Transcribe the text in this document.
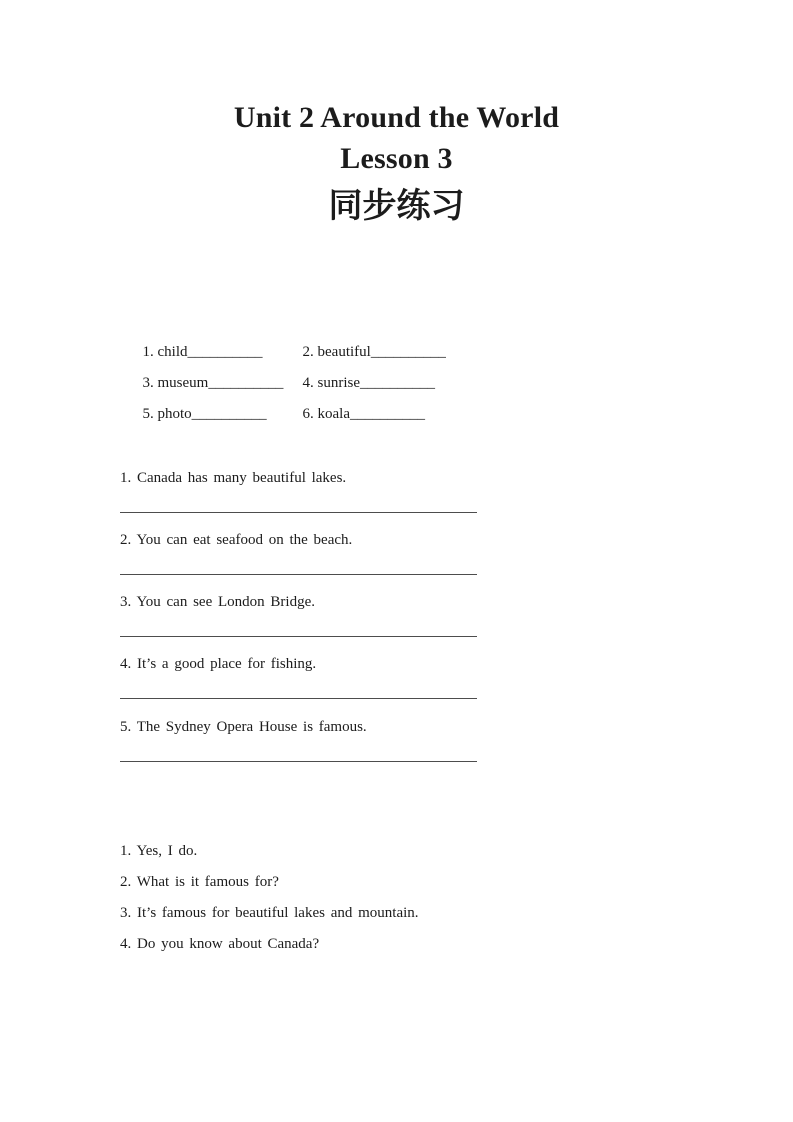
Unit 2 Around the World
Lesson 3
同步练习

1. child__________	2. beautiful__________

3. museum__________ 4. sunrise__________

5. photo__________ 6. koala__________

1. Canada has many beautiful lakes.

2. You can eat seafood on the beach.

3. You can see London Bridge.

4. It’s a good place for fishing.

5. The Sydney Opera House is famous.

1. Yes, I do.

2. What is it famous for?

3. It’s famous for beautiful lakes and mountain.

4. Do you know about Canada?
